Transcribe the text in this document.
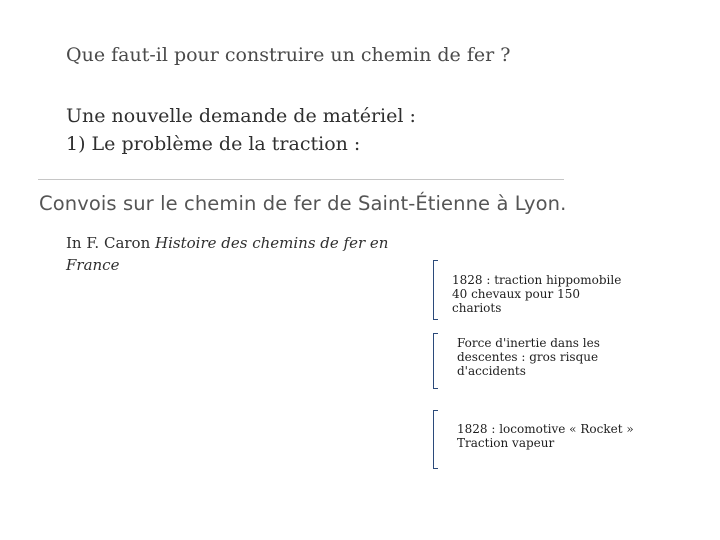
Que faut-il pour construire un chemin de fer ?
Une nouvelle demande de matériel :
1) Le problème de la traction :
Convois sur le chemin de fer de Saint-Étienne à Lyon.
In F. Caron Histoire des chemins de fer en France
1828 : traction hippomobile
40 chevaux pour 150
chariots
Force d'inertie dans les
descentes : gros risque
d'accidents
1828 : locomotive « Rocket »
Traction vapeur
